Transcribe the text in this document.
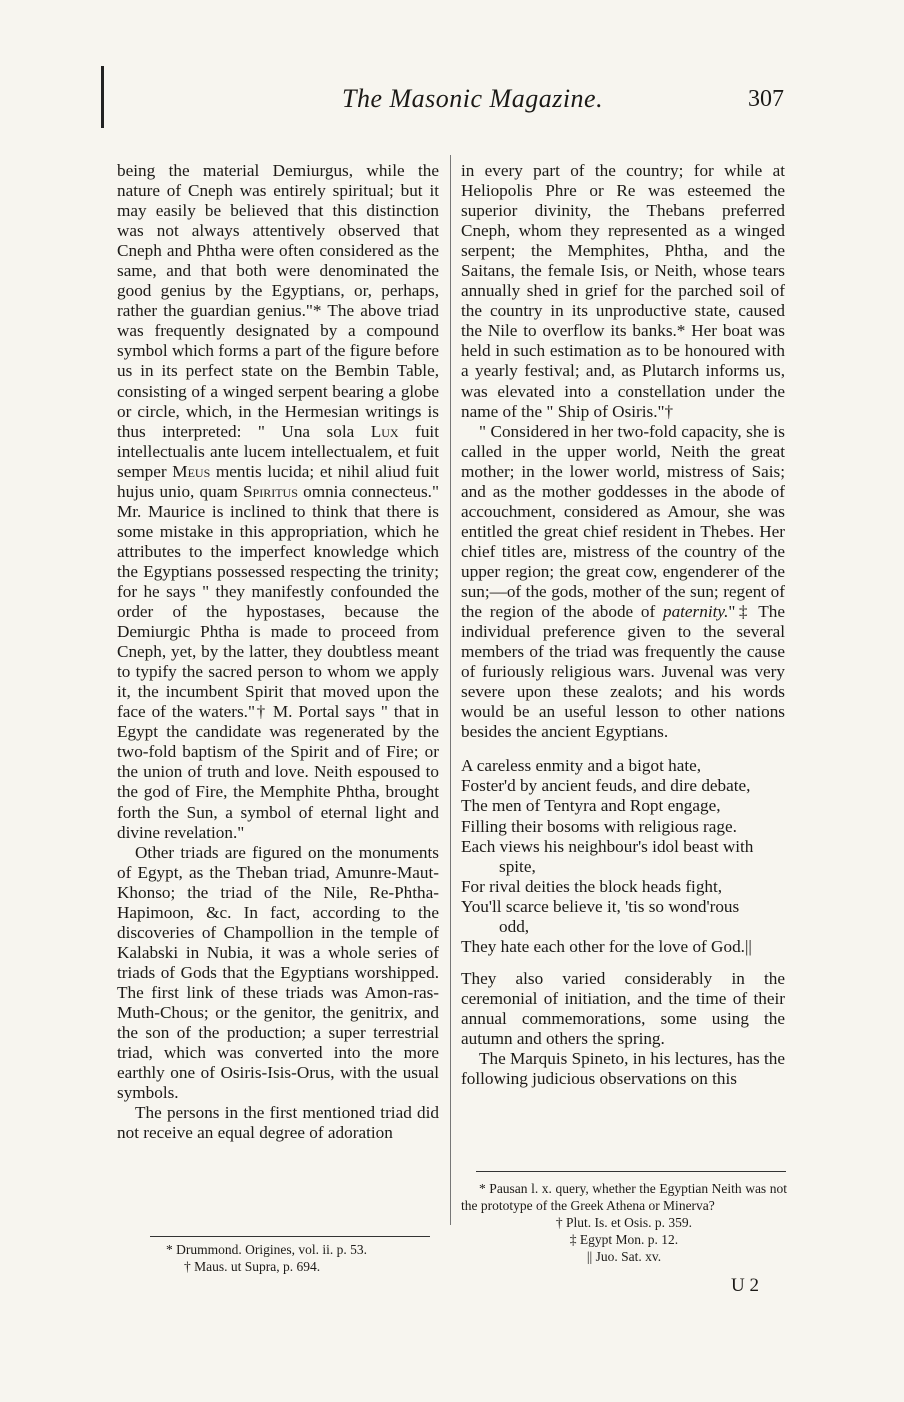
The Masonic Magazine.	307

being the material Demiurgus, while the nature of Cneph was entirely spiritual; but it may easily be believed that this distinction was not always attentively observed that Cneph and Phtha were often considered as the same, and that both were denominated the good genius by the Egyptians, or, perhaps, rather the guardian genius."* The above triad was frequently designated by a compound symbol which forms a part of the figure before us in its perfect state on the Bembin Table, consisting of a winged serpent bearing a globe or circle, which, in the Hermesian writings is thus interpreted: " Una sola Lux fuit intellectualis ante lucem intellectualem, et fuit semper Meus mentis lucida; et nihil aliud fuit hujus unio, quam Spiritus omnia connecteus." Mr. Maurice is inclined to think that there is some mistake in this appropriation, which he attributes to the imperfect knowledge which the Egyptians possessed respecting the trinity; for he says " they manifestly confounded the order of the hypostases, because the Demiurgic Phtha is made to proceed from Cneph, yet, by the latter, they doubtless meant to typify the sacred person to whom we apply it, the incumbent Spirit that moved upon the face of the waters."† M. Portal says " that in Egypt the candidate was regenerated by the two-fold baptism of the Spirit and of Fire; or the union of truth and love. Neith espoused to the god of Fire, the Memphite Phtha, brought forth the Sun, a symbol of eternal light and divine revelation."

Other triads are figured on the monuments of Egypt, as the Theban triad, Amunre-Maut-Khonso; the triad of the Nile, Re-Phtha-Hapimoon, &c. In fact, according to the discoveries of Champollion in the temple of Kalabski in Nubia, it was a whole series of triads of Gods that the Egyptians worshipped. The first link of these triads was Amon-ras-Muth-Chous; or the genitor, the genitrix, and the son of the production; a super terrestrial triad, which was converted into the more earthly one of Osiris-Isis-Orus, with the usual symbols.

The persons in the first mentioned triad did not receive an equal degree of adoration

in every part of the country; for while at Heliopolis Phre or Re was esteemed the superior divinity, the Thebans preferred Cneph, whom they represented as a winged serpent; the Memphites, Phtha, and the Saitans, the female Isis, or Neith, whose tears annually shed in grief for the parched soil of the country in its unproductive state, caused the Nile to overflow its banks.* Her boat was held in such estimation as to be honoured with a yearly festival; and, as Plutarch informs us, was elevated into a constellation under the name of the " Ship of Osiris."†

" Considered in her two-fold capacity, she is called in the upper world, Neith the great mother; in the lower world, mistress of Sais; and as the mother goddesses in the abode of accouchment, considered as Amour, she was entitled the great chief resident in Thebes. Her chief titles are, mistress of the country of the upper region; the great cow, engenderer of the sun;—of the gods, mother of the sun; regent of the region of the abode of paternity."‡ The individual preference given to the several members of the triad was frequently the cause of furiously religious wars. Juvenal was very severe upon these zealots; and his words would be an useful lesson to other nations besides the ancient Egyptians.

A careless enmity and a bigot hate,
Foster'd by ancient feuds, and dire debate,
The men of Tentyra and Ropt engage,
Filling their bosoms with religious rage.
Each views his neighbour's idol beast with
spite,
For rival deities the block heads fight,
You'll scarce believe it, 'tis so wond'rous
odd,
They hate each other for the love of God.||

They also varied considerably in the ceremonial of initiation, and the time of their annual commemorations, some using the autumn and others the spring.

The Marquis Spineto, in his lectures, has the following judicious observations on this

* Drummond. Origines, vol. ii. p. 53.

† Maus. ut Supra, p. 694.

* Pausan l. x. query, whether the Egyptian Neith was not the prototype of the Greek Athena or Minerva?

† Plut. Is. et Osis. p. 359.

‡ Egypt Mon. p. 12.

|| Juo. Sat. xv.

U 2
